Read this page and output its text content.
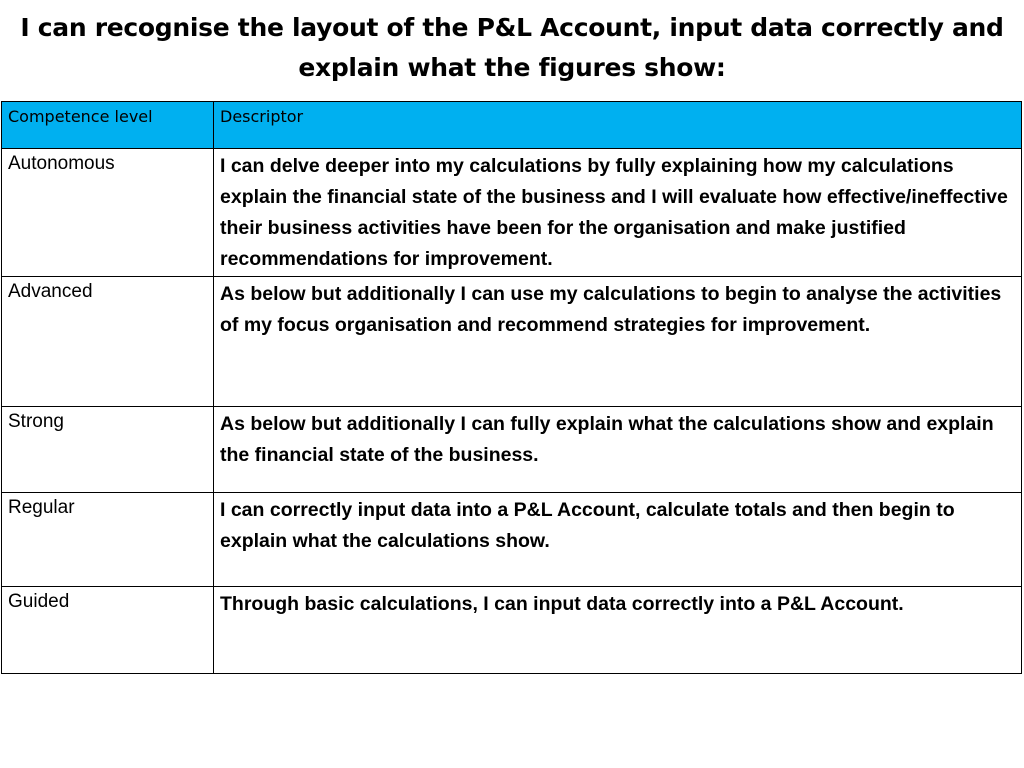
I can recognise the layout of the P&L Account, input data correctly and explain what the figures show:
Competence level	Descriptor

Autonomous	I can delve deeper into my calculations by fully explaining how my calculations explain the financial state of the business and I will evaluate how effective/ineffective their business activities have been for the organisation and make justified recommendations for improvement.

Advanced	As below but additionally I can use my calculations to begin to analyse the activities of my focus organisation and recommend strategies for improvement.

Strong	As below but additionally I can fully explain what the calculations show and explain the financial state of the business.

Regular	I can correctly input data into a P&L Account, calculate totals and then begin to explain what the calculations show.

Guided	Through basic calculations, I can input data correctly into a P&L Account.
